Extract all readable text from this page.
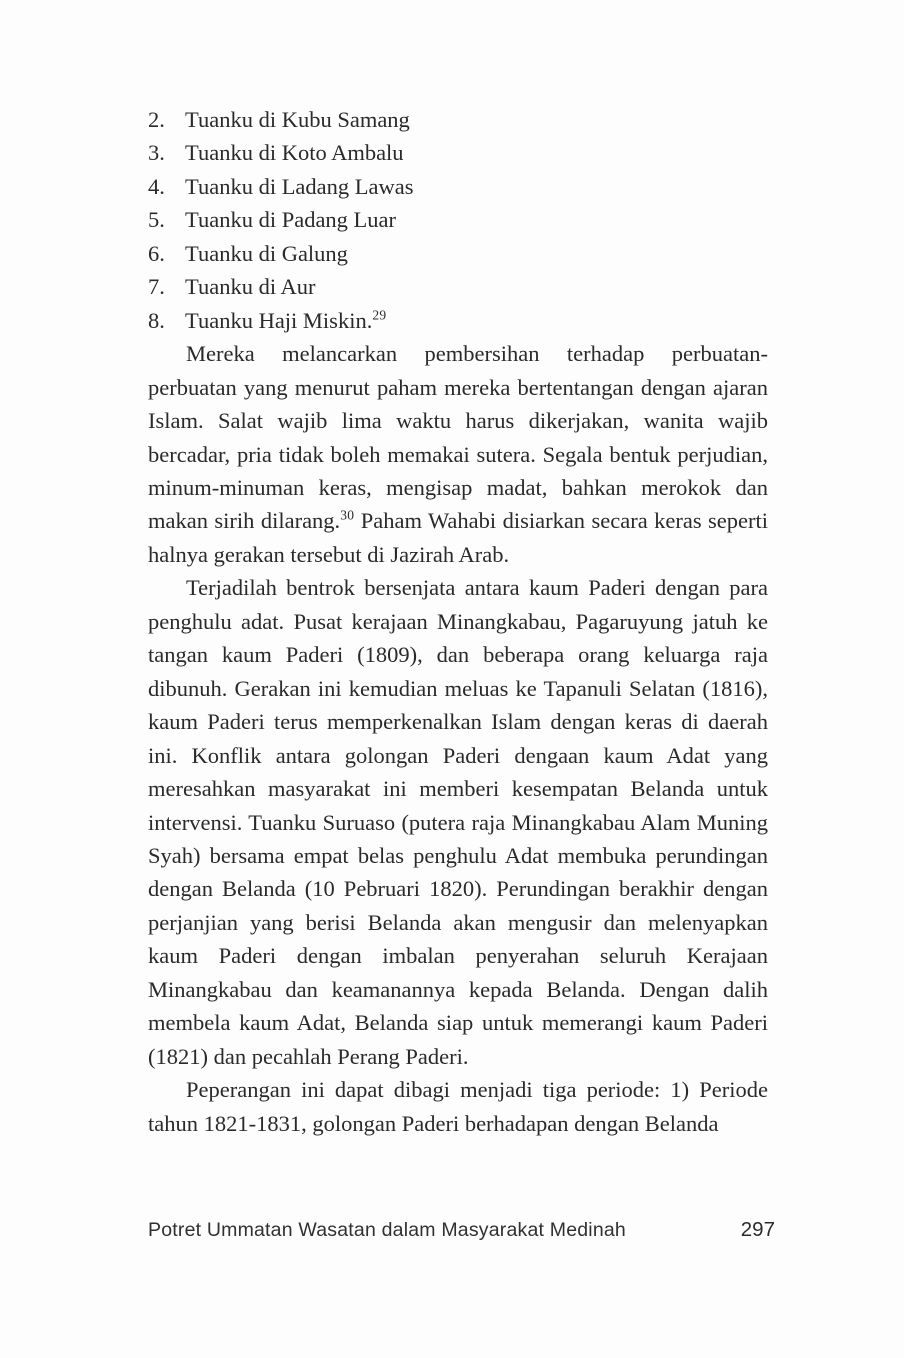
2. Tuanku di Kubu Samang
3. Tuanku di Koto Ambalu
4. Tuanku di Ladang Lawas
5. Tuanku di Padang Luar
6. Tuanku di Galung
7. Tuanku di Aur
8. Tuanku Haji Miskin.$^{29}$

Mereka melancarkan pembersihan terhadap perbuatan-perbuatan yang menurut paham mereka bertentangan dengan ajaran Islam. Salat wajib lima waktu harus dikerjakan, wanita wajib bercadar, pria tidak boleh memakai sutera. Segala bentuk perjudian, minum-minuman keras, mengisap madat, bahkan merokok dan makan sirih dilarang.$^{30}$ Paham Wahabi disiarkan secara keras seperti halnya gerakan tersebut di Jazirah Arab.

Terjadilah bentrok bersenjata antara kaum Paderi dengan para penghulu adat. Pusat kerajaan Minangkabau, Pagaruyung jatuh ke tangan kaum Paderi (1809), dan beberapa orang keluarga raja dibunuh. Gerakan ini kemudian meluas ke Tapanuli Selatan (1816), kaum Paderi terus memperkenalkan Islam dengan keras di daerah ini. Konflik antara golongan Paderi dengaan kaum Adat yang meresahkan masyarakat ini memberi kesempatan Belanda untuk intervensi. Tuanku Suruaso (putera raja Minangkabau Alam Muning Syah) bersama empat belas penghulu Adat membuka perundingan dengan Belanda (10 Pebruari 1820). Perundingan berakhir dengan perjanjian yang berisi Belanda akan mengusir dan melenyapkan kaum Paderi dengan imbalan penyerahan seluruh Kerajaan Minangkabau dan keamanannya kepada Belanda. Dengan dalih membela kaum Adat, Belanda siap untuk memerangi kaum Paderi (1821) dan pecahlah Perang Paderi.

Peperangan ini dapat dibagi menjadi tiga periode: 1) Periode tahun 1821-1831, golongan Paderi berhadapan dengan Belanda

Potret Ummatan Wasatan dalam Masyarakat Medinah	297
